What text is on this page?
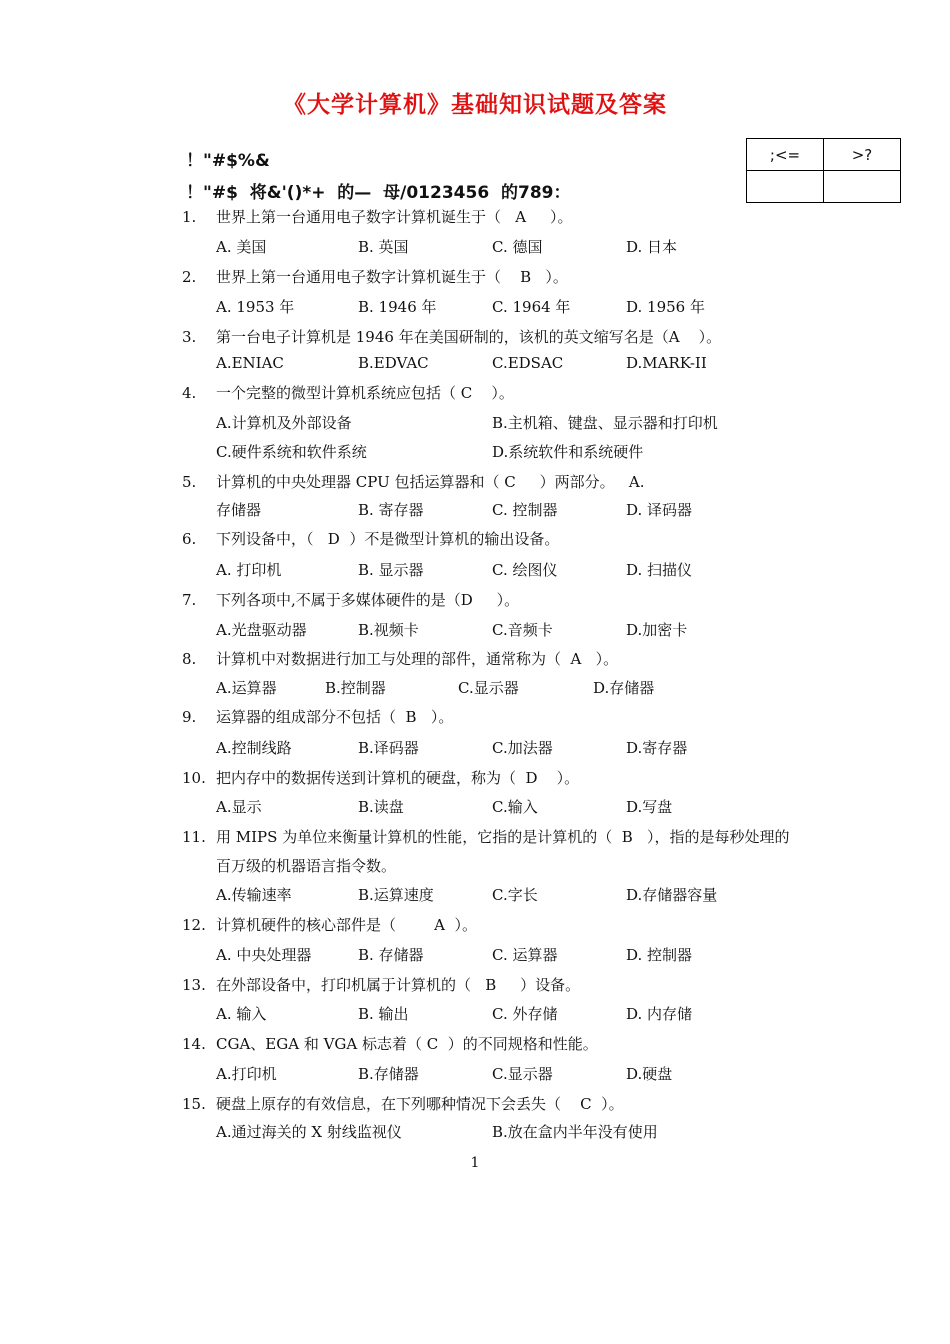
《大学计算机》基础知识试题及答案
！"#$%&
！"#$  将&'()*+  的—  母/0123456  的789：
;<=	>?

1. 世界上第一台通用电子数字计算机诞生于（   A     ）。

A. 美国

	B. 英国

	C. 德国

	D. 日本

2. 世界上第一台通用电子数字计算机诞生于（    B   ）。

A. 1953 年

	B. 1946 年

	C. 1964 年

	D. 1956 年

3. 第一台电子计算机是 1946 年在美国研制的，该机的英文缩写名是（A    ）。

A.ENIAC

	B.EDVAC

	C.EDSAC

	D.MARK-II

4. 一个完整的微型计算机系统应包括（ C    ）。

A.计算机及外部设备

	B.主机箱、键盘、显示器和打印机

C.硬件系统和软件系统

	D.系统软件和系统硬件

5. 计算机的中央处理器 CPU 包括运算器和（ C     ）两部分。   A.

存储器

	B. 寄存器

	C. 控制器

	D. 译码器

6. 下列设备中，（   D  ）不是微型计算机的输出设备。

A. 打印机

	B. 显示器

	C. 绘图仪

	D. 扫描仪

7. 下列各项中,不属于多媒体硬件的是（D     ）。

A.光盘驱动器

	B.视频卡

	C.音频卡

	D.加密卡

8. 计算机中对数据进行加工与处理的部件，通常称为（  A   ）。

A.运算器

	B.控制器

	C.显示器

	D.存储器

9. 运算器的组成部分不包括（  B   ）。

A.控制线路

	B.译码器

	C.加法器

	D.寄存器

10. 把内存中的数据传送到计算机的硬盘，称为（  D    ）。

A.显示

	B.读盘

	C.输入

	D.写盘

11. 用 MIPS 为单位来衡量计算机的性能，它指的是计算机的（  B   ），指的是每秒处理的
百万级的机器语言指令数。

A.传输速率

	B.运算速度

	C.字长

	D.存储器容量

12. 计算机硬件的核心部件是（        A  ）。

A. 中央处理器

	B. 存储器

	C. 运算器

	D. 控制器

13. 在外部设备中，打印机属于计算机的（   B     ）设备。

A. 输入

	B. 输出

	C. 外存储

	D. 内存储

14. CGA、EGA 和 VGA 标志着（ C  ）的不同规格和性能。

A.打印机

	B.存储器

	C.显示器

	D.硬盘

15. 硬盘上原存的有效信息，在下列哪种情况下会丢失（    C  ）。

A.通过海关的 X 射线监视仪

	B.放在盒内半年没有使用

1
